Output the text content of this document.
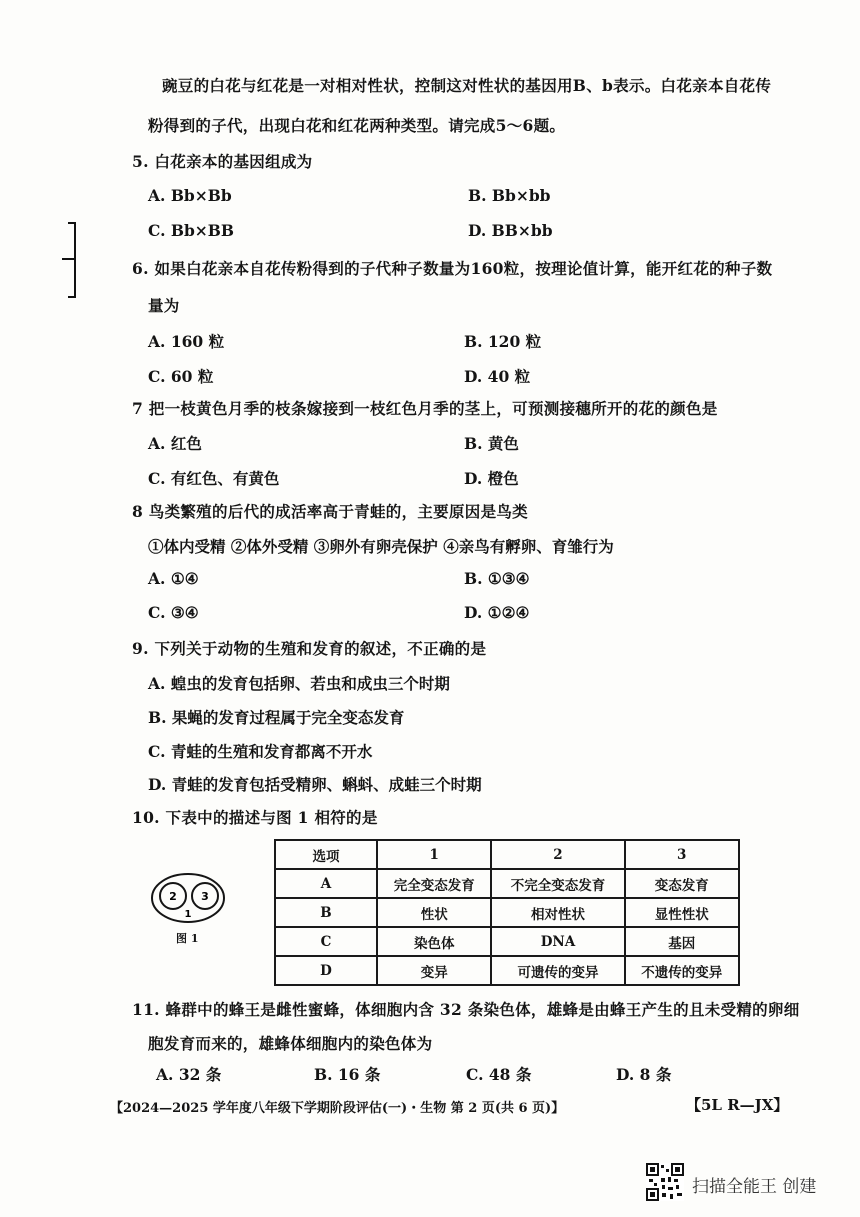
豌豆的白花与红花是一对相对性状，控制这对性状的基因用B、b表示。白花亲本自花传
粉得到的子代，出现白花和红花两种类型。请完成5～6题。
5. 白花亲本的基因组成为
A. Bb×Bb	B. Bb×bb
C. Bb×BB	D. BB×bb
6. 如果白花亲本自花传粉得到的子代种子数量为160粒，按理论值计算，能开红花的种子数
量为
A. 160 粒	B. 120 粒
C. 60 粒	D. 40 粒
7 把一枝黄色月季的枝条嫁接到一枝红色月季的茎上，可预测接穗所开的花的颜色是
A. 红色	B. 黄色
C. 有红色、有黄色	D. 橙色
8 鸟类繁殖的后代的成活率高于青蛙的，主要原因是鸟类
①体内受精 ②体外受精 ③卵外有卵壳保护 ④亲鸟有孵卵、育雏行为
A. ①④	B. ①③④
C. ③④	D. ①②④
9. 下列关于动物的生殖和发育的叙述，不正确的是
A. 蝗虫的发育包括卵、若虫和成虫三个时期
B. 果蝇的发育过程属于完全变态发育
C. 青蛙的生殖和发育都离不开水
D. 青蛙的发育包括受精卵、蝌蚪、成蛙三个时期
10. 下表中的描述与图 1 相符的是
2 3
1
图 1
选项	1	2	3
A	完全变态发育	不完全变态发育	变态发育
B	性状	相对性状	显性性状
C	染色体	DNA	基因
D	变异	可遗传的变异	不遗传的变异
11. 蜂群中的蜂王是雌性蜜蜂，体细胞内含 32 条染色体，雄蜂是由蜂王产生的且未受精的卵细
胞发育而来的，雄蜂体细胞内的染色体为
A. 32 条	B. 16 条	C. 48 条	D. 8 条
【2024—2025 学年度八年级下学期阶段评估(一)・生物 第 2 页(共 6 页)】	【5L R—JX】
扫描全能王 创建
